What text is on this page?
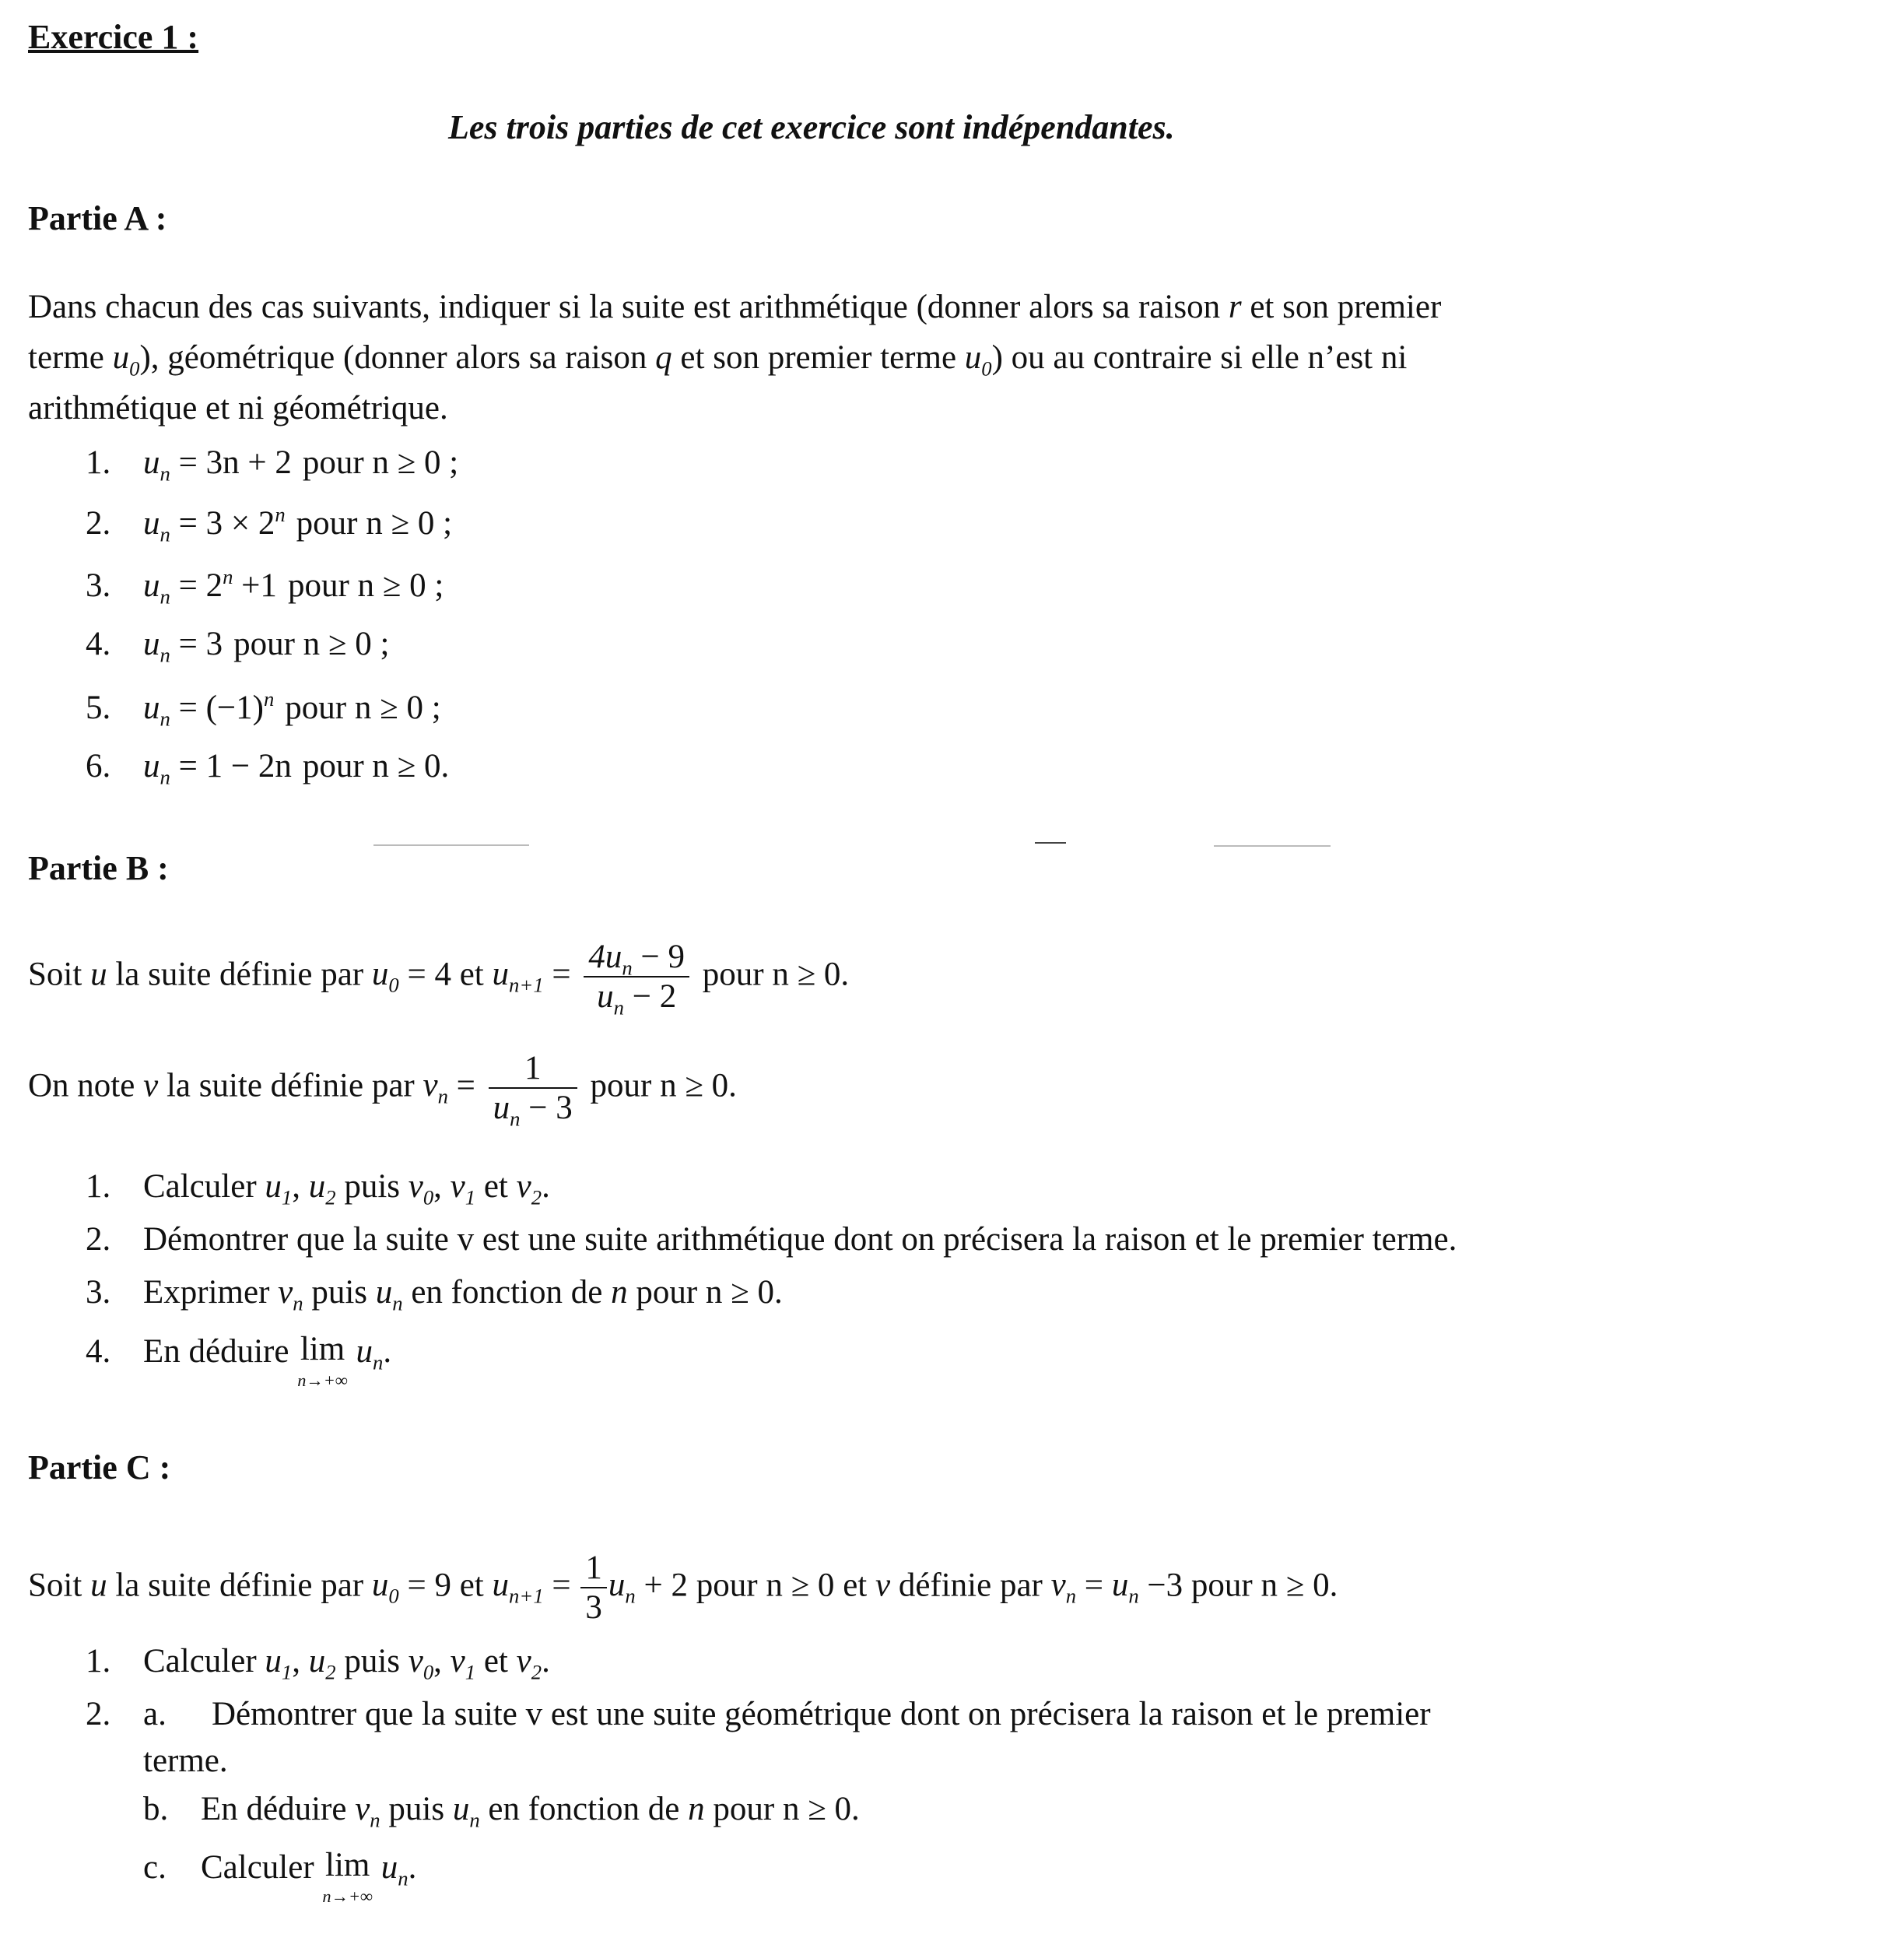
Exercice 1 :
Les trois parties de cet exercice sont indépendantes.
Partie A :
Dans chacun des cas suivants, indiquer si la suite est arithmétique (donner alors sa raison r et son premier
terme $u_0$), géométrique (donner alors sa raison q et son premier terme $u_0$) ou au contraire si elle n’est ni
arithmétique et ni géométrique.
1. $u_n = 3n + 2$ pour n ≥ 0 ;
2. $u_n = 3 \times 2^n$ pour n ≥ 0 ;
3. $u_n = 2^n +1$ pour n ≥ 0 ;
4. $u_n = 3$ pour n ≥ 0 ;
5. $u_n = (-1)^n$ pour n ≥ 0 ;
6. $u_n = 1 - 2n$ pour n ≥ 0.
Partie B :
Soit u la suite définie par $u_0 = 4$ et $u_{n+1} = \frac{4u_n - 9}{u_n - 2}$ pour n ≥ 0.
On note v la suite définie par $v_n = \frac{1}{u_n - 3}$ pour n ≥ 0.
1. Calculer $u_1$, $u_2$ puis $v_0$, $v_1$ et $v_2$.
2. Démontrer que la suite v est une suite arithmétique dont on précisera la raison et le premier terme.
3. Exprimer $v_n$ puis $u_n$ en fonction de n pour n ≥ 0.
4. En déduire lim
n→+∞
$u_n$.
Partie C :
Soit u la suite définie par $u_0 = 9$ et $u_{n+1} = \frac{1}{3} u_n + 2$ pour n ≥ 0 et v définie par $v_n = u_n -3$ pour n ≥ 0.
1. Calculer $u_1$, $u_2$ puis $v_0$, $v_1$ et $v_2$.
2. a. Démontrer que la suite v est une suite géométrique dont on précisera la raison et le premier
terme.
b. En déduire $v_n$ puis $u_n$ en fonction de n pour n ≥ 0.
c. Calculer lim
n→+∞
$u_n$.
